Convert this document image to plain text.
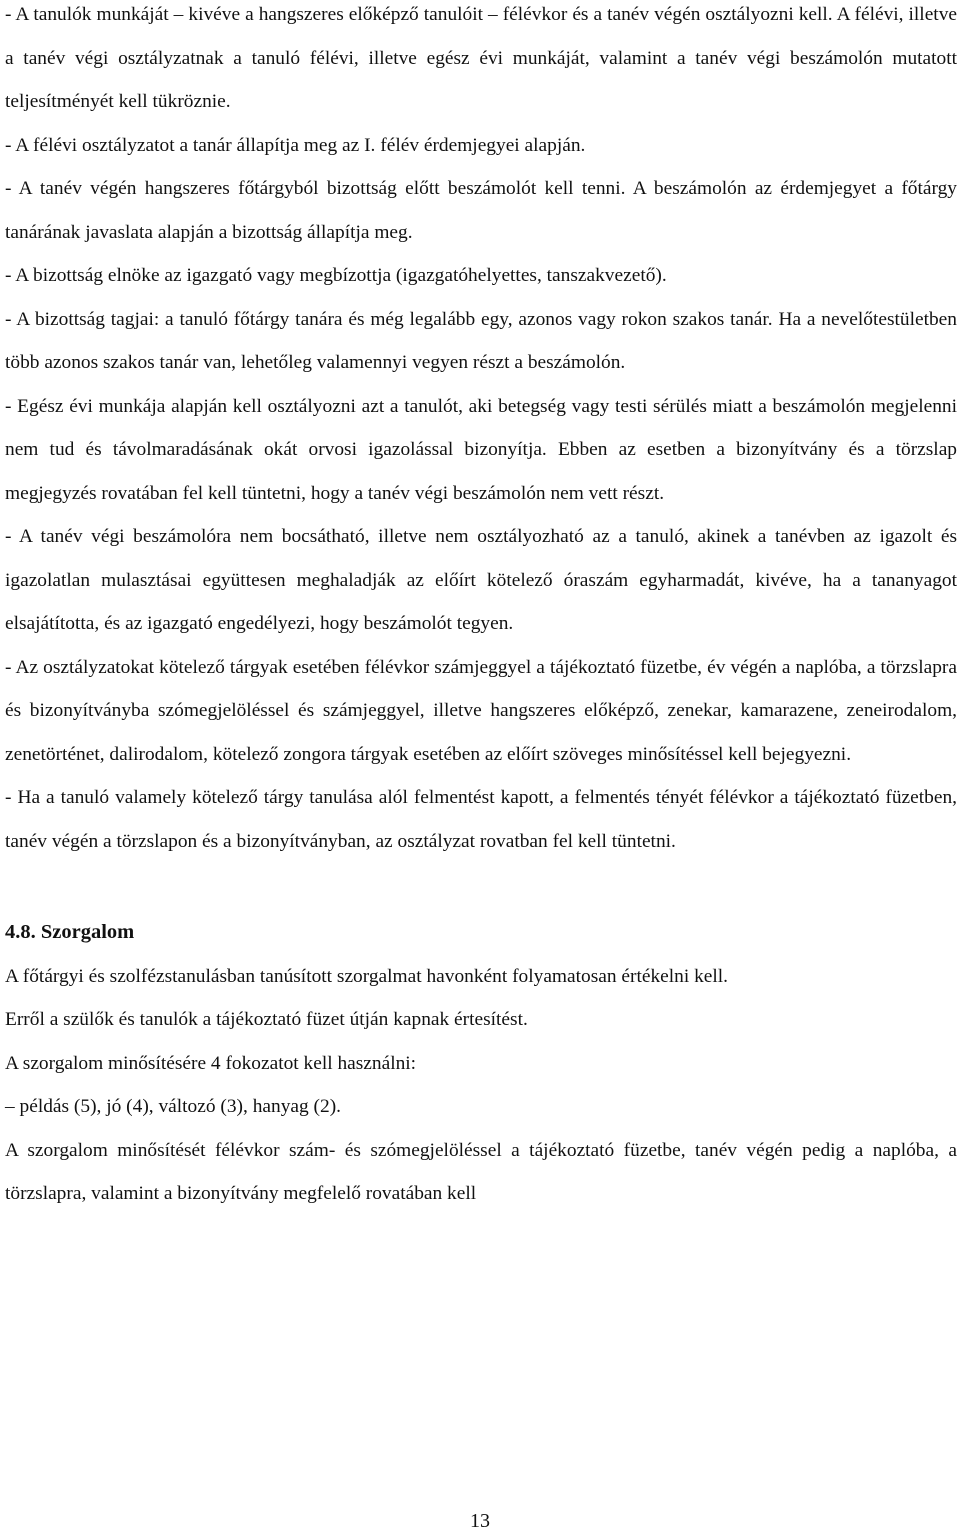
- A tanulók munkáját – kivéve a hangszeres előképző tanulóit – félévkor és a tanév végén osztályozni kell. A félévi, illetve a tanév végi osztályzatnak a tanuló félévi, illetve egész évi munkáját, valamint a tanév végi beszámolón mutatott teljesítményét kell tükröznie.

- A félévi osztályzatot a tanár állapítja meg az I. félév érdemjegyei alapján.

- A tanév végén hangszeres főtárgyból bizottság előtt beszámolót kell tenni. A beszámolón az érdemjegyet a főtárgy tanárának javaslata alapján a bizottság állapítja meg.

- A bizottság elnöke az igazgató vagy megbízottja (igazgatóhelyettes, tanszakvezető).

- A bizottság tagjai: a tanuló főtárgy tanára és még legalább egy, azonos vagy rokon szakos tanár. Ha a nevelőtestületben több azonos szakos tanár van, lehetőleg valamennyi vegyen részt a beszámolón.

- Egész évi munkája alapján kell osztályozni azt a tanulót, aki betegség vagy testi sérülés miatt a beszámolón megjelenni nem tud és távolmaradásának okát orvosi igazolással bizonyítja. Ebben az esetben a bizonyítvány és a törzslap megjegyzés rovatában fel kell tüntetni, hogy a tanév végi beszámolón nem vett részt.

- A tanév végi beszámolóra nem bocsátható, illetve nem osztályozható az a tanuló, akinek a tanévben az igazolt és igazolatlan mulasztásai együttesen meghaladják az előírt kötelező óraszám egyharmadát, kivéve, ha a tananyagot elsajátította, és az igazgató engedélyezi, hogy beszámolót tegyen.

- Az osztályzatokat kötelező tárgyak esetében félévkor számjeggyel a tájékoztató füzetbe, év végén a naplóba, a törzslapra és bizonyítványba szómegjelöléssel és számjeggyel, illetve hangszeres előképző, zenekar, kamarazene, zeneirodalom, zenetörténet, dalirodalom, kötelező zongora tárgyak esetében az előírt szöveges minősítéssel kell bejegyezni.

- Ha a tanuló valamely kötelező tárgy tanulása alól felmentést kapott, a felmentés tényét félévkor a tájékoztató füzetben, tanév végén a törzslapon és a bizonyítványban, az osztályzat rovatban fel kell tüntetni.

4.8. Szorgalom

A főtárgyi és szolfézstanulásban tanúsított szorgalmat havonként folyamatosan értékelni kell.

Erről a szülők és tanulók a tájékoztató füzet útján kapnak értesítést.

A szorgalom minősítésére 4 fokozatot kell használni:

– példás (5), jó (4), változó (3), hanyag (2).

A szorgalom minősítését félévkor szám- és szómegjelöléssel a tájékoztató füzetbe, tanév végén pedig a naplóba, a törzslapra, valamint a bizonyítvány megfelelő rovatában kell

13
